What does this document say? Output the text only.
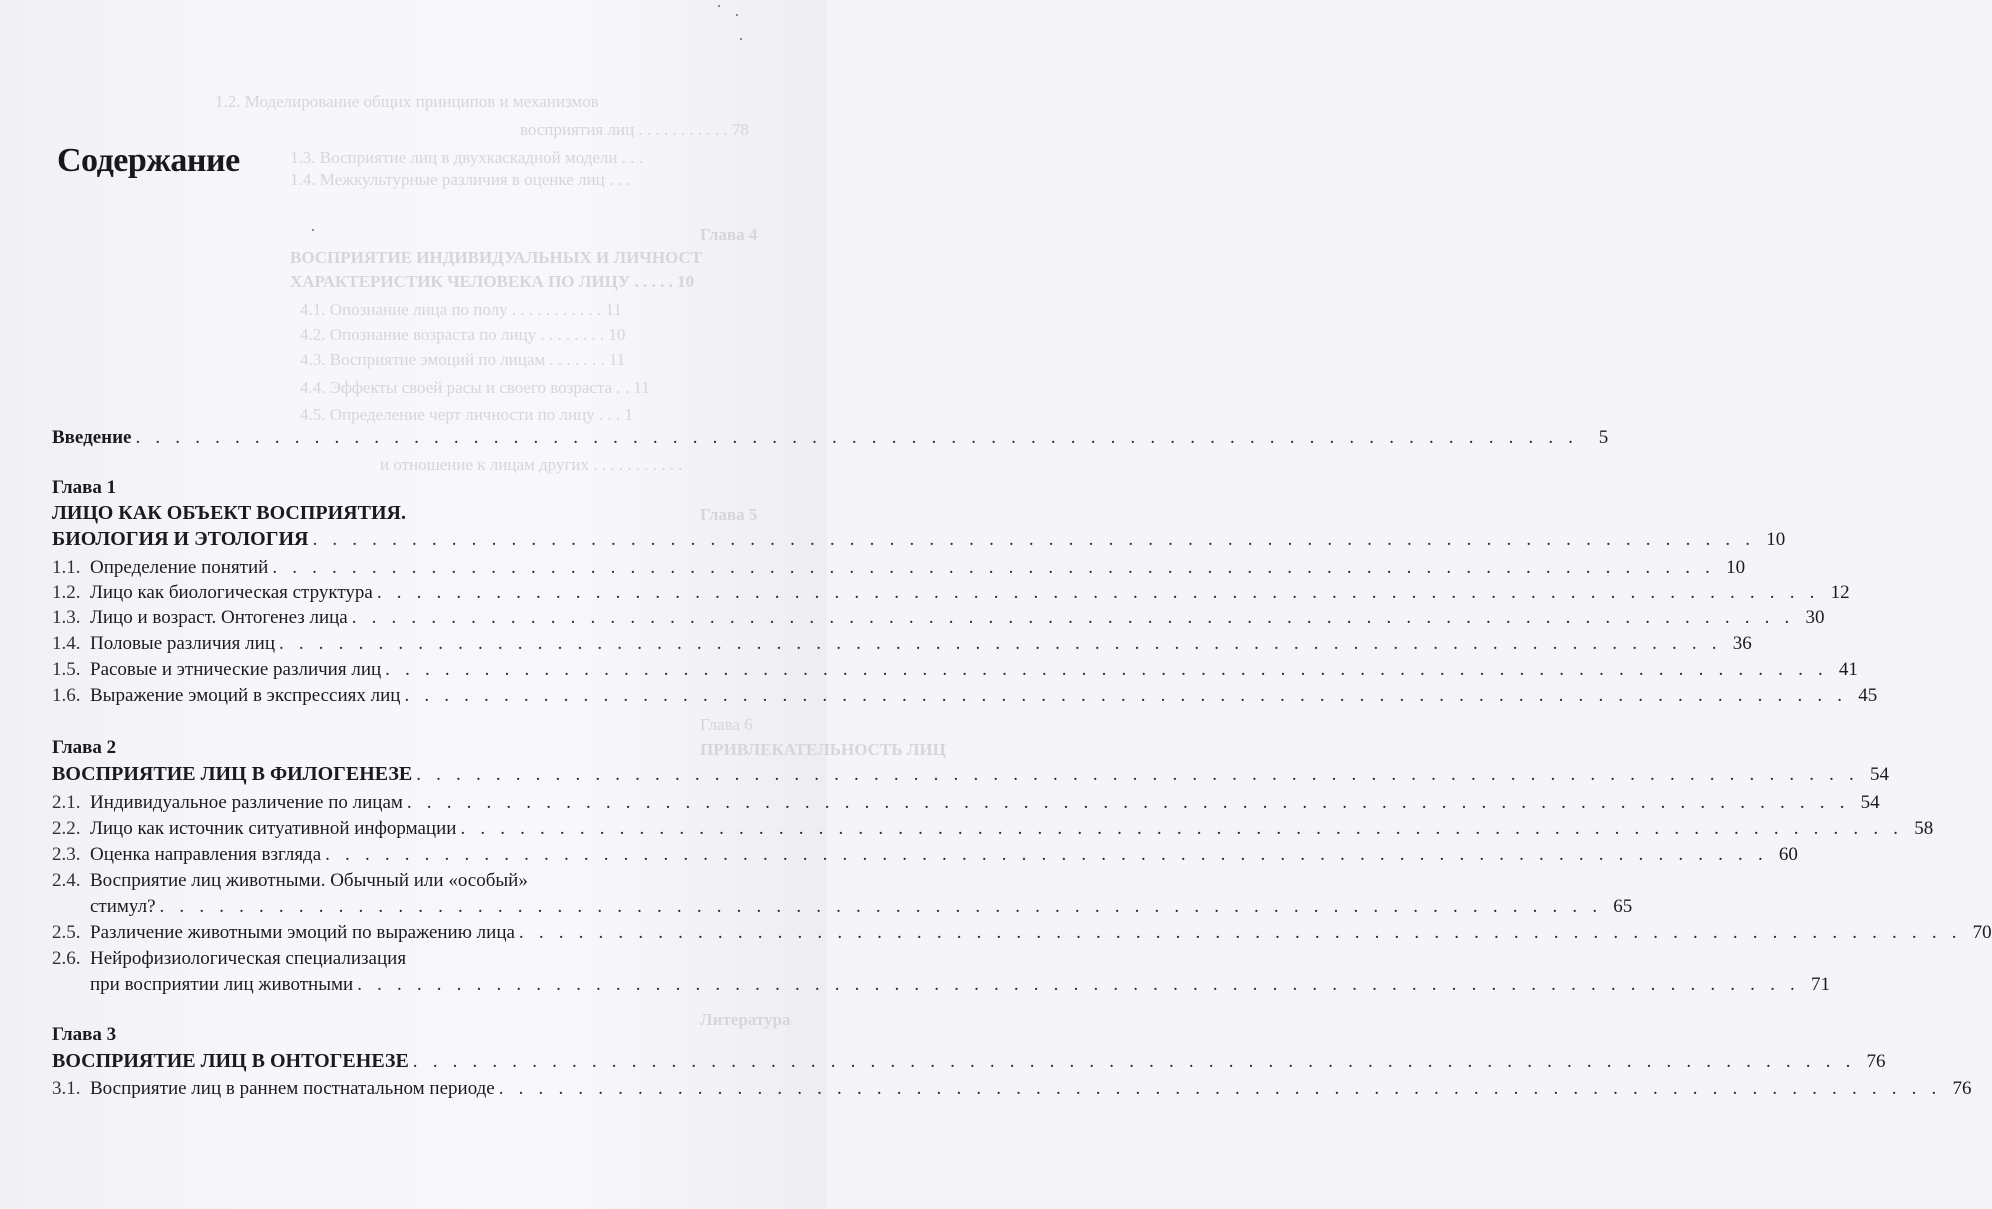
1.2. Моделирование общих принципов и механизмов
восприятия лиц . . . . . . . . . . . 78
1.3. Восприятие лиц в двухкаскадной модели . . .
1.4. Межкультурные различия в оценке лиц . . .
Глава 4
ВОСПРИЯТИЕ ИНДИВИДУАЛЬНЫХ И ЛИЧНОСТ
ХАРАКТЕРИСТИК ЧЕЛОВЕКА ПО ЛИЦУ . . . . . 10
4.1. Опознание лица по полу . . . . . . . . . . . 11
4.2. Опознание возраста по лицу . . . . . . . . 10
4.3. Восприятие эмоций по лицам . . . . . . . 11
4.4. Эффекты своей расы и своего возраста . . 11
4.5. Определение черт личности по лицу . . . 1
и отношение к лицам других . . . . . . . . . . .
Глава 5
Глава 6
ПРИВЛЕКАТЕЛЬНОСТЬ ЛИЦ
Литература
Содержание
Введение . . .	5
Глава 1
ЛИЦО КАК ОБЪЕКТ ВОСПРИЯТИЯ.
БИОЛОГИЯ И ЭТОЛОГИЯ . . .	10
1.1. Определение понятий . . .	10
1.2. Лицо как биологическая структура . . .	12
1.3. Лицо и возраст. Онтогенез лица . . .	30
1.4. Половые различия лиц . . .	36
1.5. Расовые и этнические различия лиц . . .	41
1.6. Выражение эмоций в экспрессиях лиц . . .	45
Глава 2
ВОСПРИЯТИЕ ЛИЦ В ФИЛОГЕНЕЗЕ . . .	54
2.1. Индивидуальное различение по лицам . . .	54
2.2. Лицо как источник ситуативной информации . . .	58
2.3. Оценка направления взгляда . . .	60
2.4. Восприятие лиц животными. Обычный или «особый»
стимул? . . .	65
2.5. Различение животными эмоций по выражению лица . . .	70
2.6. Нейрофизиологическая специализация
при восприятии лиц животными . . .	71
Глава 3
ВОСПРИЯТИЕ ЛИЦ В ОНТОГЕНЕЗЕ . . .	76
3.1. Восприятие лиц в раннем постнатальном периоде . . .	76
